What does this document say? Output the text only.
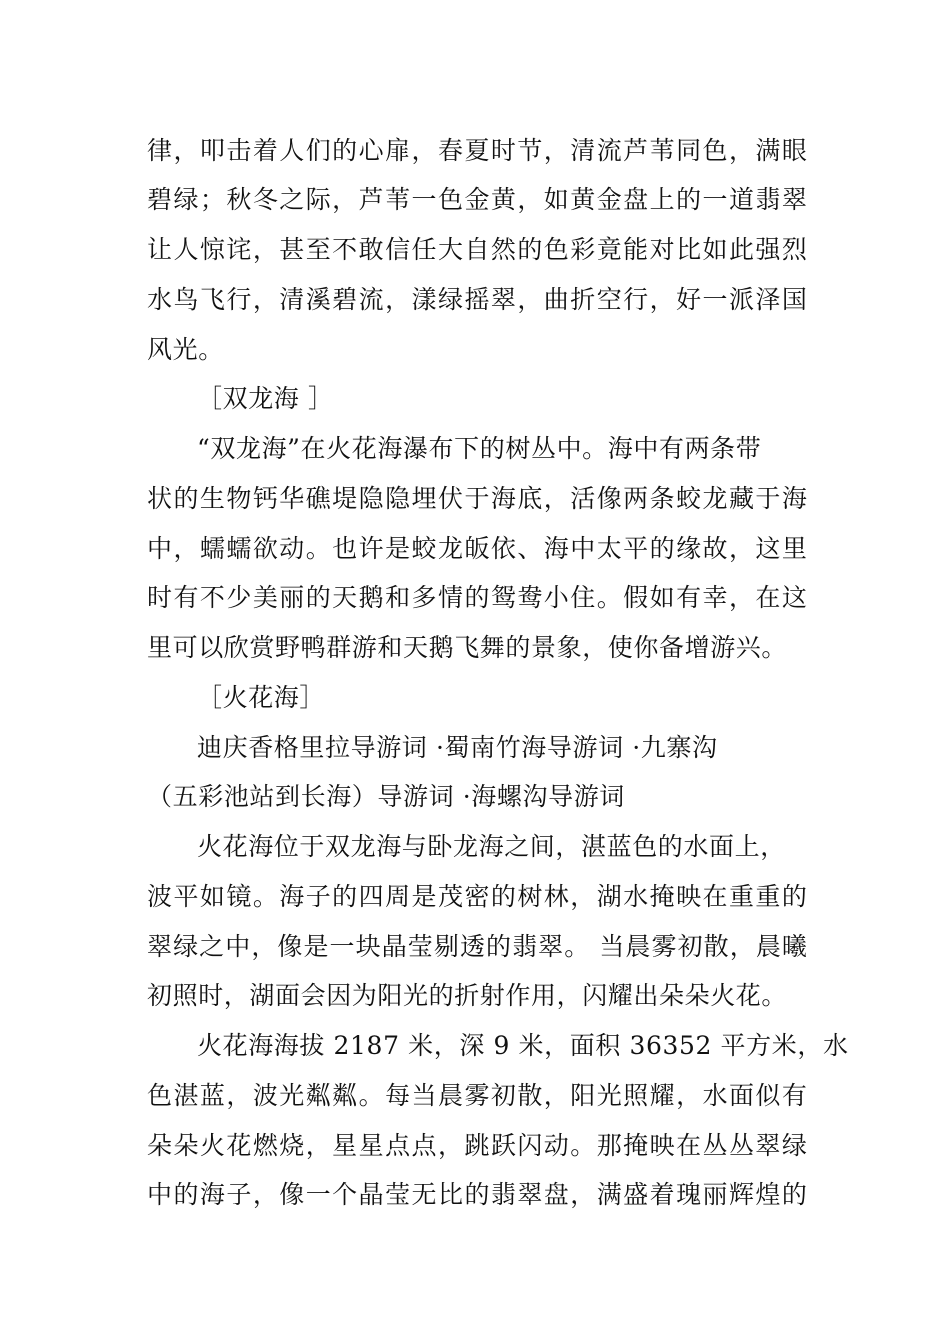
律 ， 叩 击 着 人 们 的 心 扉 ， 春 夏 时 节 ， 清 流 芦 苇 同 色 ， 满 眼
碧 绿 ； 秋 冬 之 际 ， 芦 苇 一 色 金 黄 ， 如 黄 金 盘 上 的 一 道 翡 翠
让 人 惊 诧 ， 甚 至 不 敢 信 任 大 自 然 的 色 彩 竟 能 对 比 如 此 强 烈
水 鸟 飞 行 ， 清 溪 碧 流 ， 漾 绿 摇 翠 ， 曲 折 空 行 ， 好 一 派 泽 国
风光。
［双龙海 ］
“双龙海”在火花海瀑布下的树丛中。海中有两条带
状 的 生 物 钙 华 礁 堤 隐 隐 埋 伏 于 海 底 ， 活 像 两 条 蛟 龙 藏 于 海
中 ， 蠕 蠕 欲 动 。 也 许 是 蛟 龙 皈 依 、 海 中 太 平 的 缘 故 ， 这 里
时 有 不 少 美 丽 的 天 鹅 和 多 情 的 鸳 鸯 小 住 。 假 如 有 幸 ， 在 这
里可以欣赏野鸭群游和天鹅飞舞的景象，使你备增游兴。
［火花海］
迪庆香格里拉导游词 ·蜀南竹海导游词 ·九寨沟
（五彩池站到长海）导游词 ·海螺沟导游词
火花海位于双龙海与卧龙海之间，湛蓝色的水面上，
波 平 如 镜 。 海 子 的 四 周 是 茂 密 的 树 林 ， 湖 水 掩 映 在 重 重 的
翠 绿 之 中 ， 像 是 一 块 晶 莹 剔 透 的 翡 翠 。
当 晨 雾 初 散 ， 晨 曦
初照时，湖面会因为阳光的折射作用，闪耀出朵朵火花。
火花海海拔 2187 米，深 9 米，面积 36352 平方米，水
色 湛 蓝 ， 波 光 粼 粼 。 每 当 晨 雾 初 散 ， 阳 光 照 耀 ， 水 面 似 有
朵 朵 火 花 燃 烧 ， 星 星 点 点 ， 跳 跃 闪 动 。 那 掩 映 在 丛 丛 翠 绿
中 的 海 子 ， 像 一 个 晶 莹 无 比 的 翡 翠 盘 ， 满 盛 着 瑰 丽 辉 煌 的
